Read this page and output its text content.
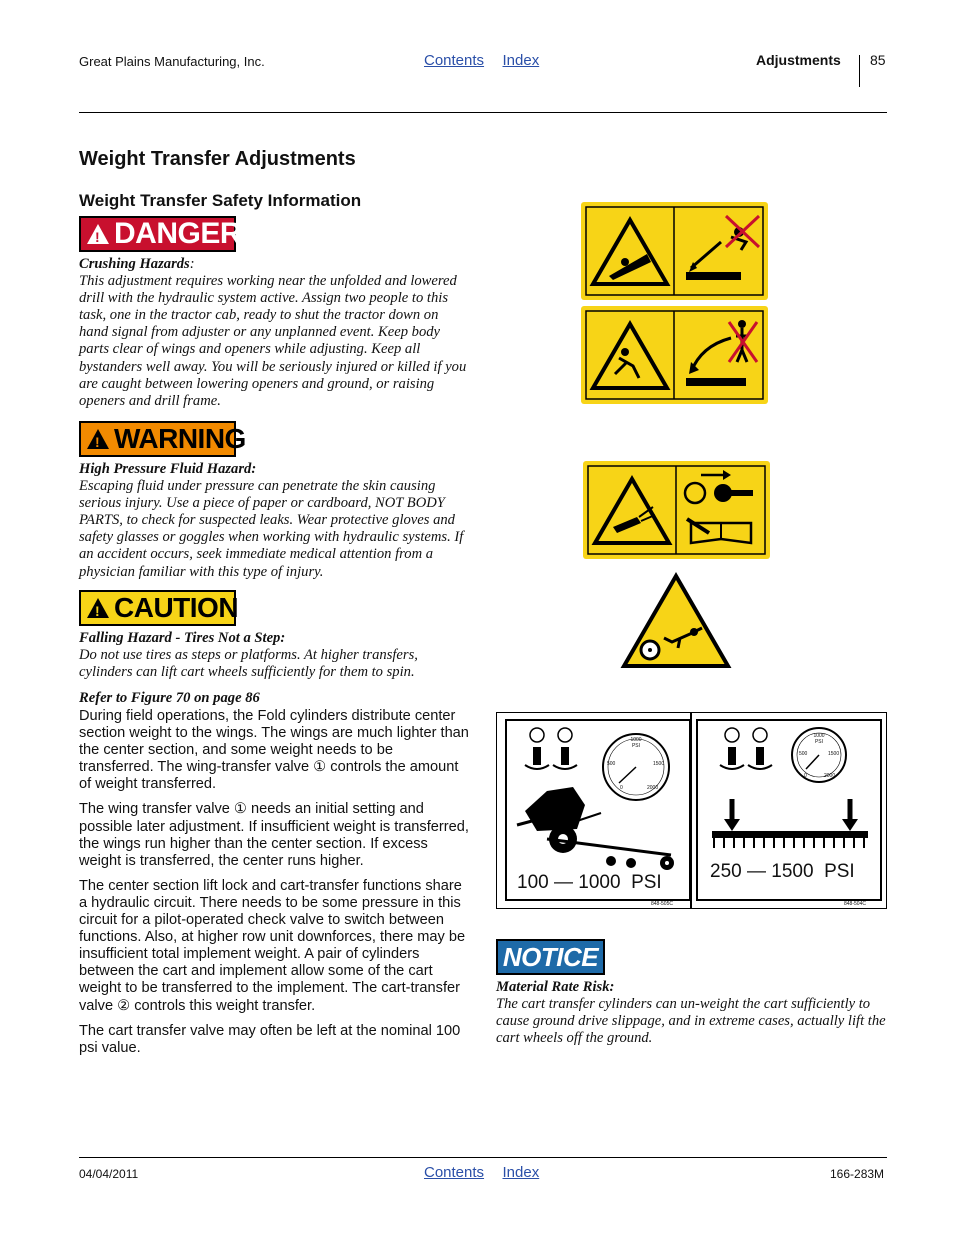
Great Plains Manufacturing, Inc.	Contents Index	Adjustments 85
Weight Transfer Adjustments
Weight Transfer Safety Information
! DANGER
Crushing Hazards:
This adjustment requires working near the unfolded and lowered drill with the hydraulic system active. Assign two people to this task, one in the tractor cab, ready to shut the tractor down on hand signal from adjuster or any unplanned event. Keep body parts clear of wings and openers while adjusting. Keep all bystanders well away. You will be seriously injured or killed if you are caught between lowering openers and ground, or raising openers and drill frame.
! WARNING
High Pressure Fluid Hazard:
Escaping fluid under pressure can penetrate the skin causing serious injury. Use a piece of paper or cardboard, NOT BODY PARTS, to check for suspected leaks. Wear protective gloves and safety glasses or goggles when working with hydraulic systems. If an accident occurs, seek immediate medical attention from a physician familiar with this type of injury.
! CAUTION
Falling Hazard - Tires Not a Step:
Do not use tires as steps or platforms. At higher transfers, cylinders can lift cart wheels sufficiently for them to spin.
Refer to Figure 70 on page 86

During field operations, the Fold cylinders distribute center section weight to the wings. The wings are much lighter than the center section, and some weight needs to be transferred. The wing-transfer valve ① controls the amount of weight transferred.

The wing transfer valve ① needs an initial setting and possible later adjustment. If insufficient weight is transferred, the wings run higher than the center section. If excess weight is transferred, the center runs higher.

The center section lift lock and cart-transfer functions share a hydraulic circuit. There needs to be some pressure in this circuit for a pilot-operated check valve to switch between functions. Also, at higher row unit downforces, there may be insufficient total implement weight. A pair of cylinders between the cart and implement allow some of the cart weight to be transferred to the implement. The cart-transfer valve ② controls this weight transfer.

The cart transfer valve may often be left at the nominal 100 psi value.

1000
PSI
500	1500
2000
0
100 — 1000  PSI
848-505C
1000
PSI
500	1500
2000
0
250 — 1500  PSI
848-504C
NOTICE
Material Rate Risk:
The cart transfer cylinders can un-weight the cart sufficiently to cause ground drive slippage, and in extreme cases, actually lift the cart wheels off the ground.
04/04/2011	Contents Index	166-283M
